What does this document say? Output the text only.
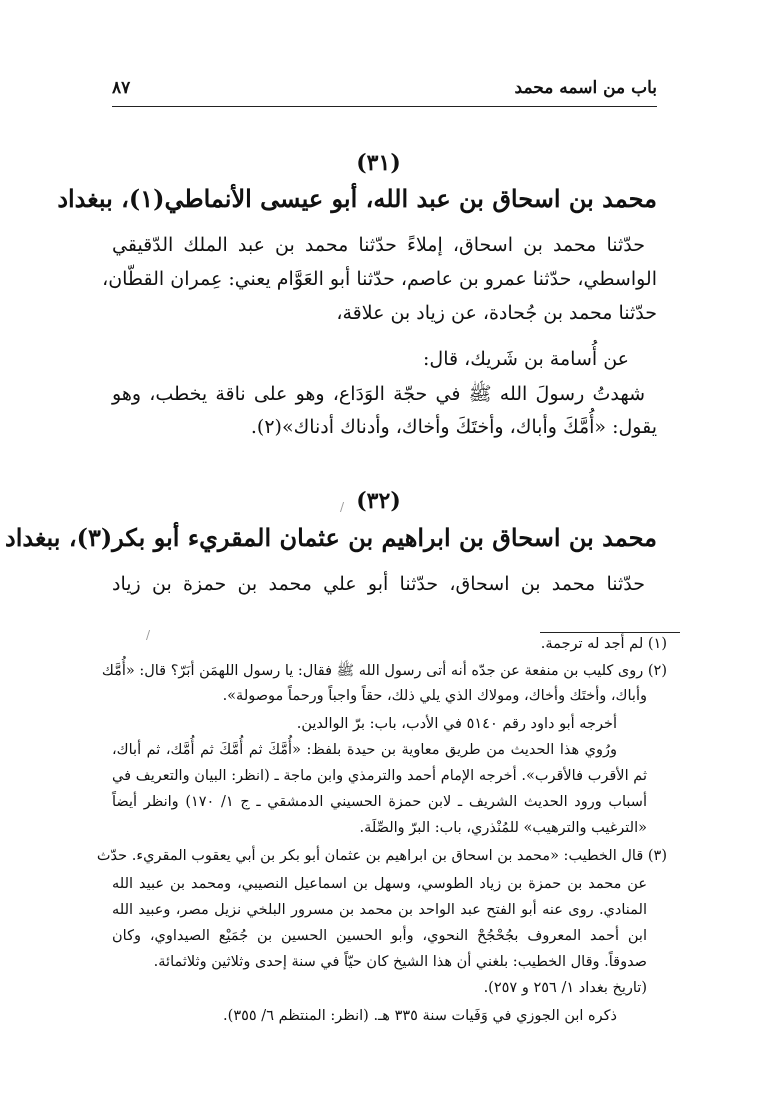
باب من اسمه محمد
٨٧
(٣١)
محمد بن اسحاق بن عبد الله، أبو عيسى الأنماطي(١)، ببغداد
حدّثنا محمد بن اسحاق، إملاءً حدّثنا محمد بن عبد الملك الدّقيقي
الواسطي، حدّثنا عمرو بن عاصم، حدّثنا أبو العَوَّام يعني: عِمران القطّان،
حدّثنا محمد بن جُحادة، عن زياد بن علاقة،
عن أُسامة بن شَريك، قال:
شهدتُ رسولَ الله ﷺ في حجّة الوَدَاع، وهو على ناقة يخطب، وهو
يقول: «أُمَّكَ وأباك، وأختَكَ وأخاك، وأدناك أدناك»(٢).
/ (٣٢)
محمد بن اسحاق بن ابراهيم بن عثمان المقريء أبو بكر(٣)، ببغداد
حدّثنا محمد بن اسحاق، حدّثنا أبو علي محمد بن حمزة بن زياد
/
(١) لم أجد له ترجمة.
(٢) روى كليب بن منفعة عن جدّه أنه أتى رسول الله ﷺ فقال: يا رسول اللهمَن أبَرّ؟ قال: «أُمَّك
وأباك، وأختَك وأخاك، ومولاك الذي يلي ذلك، حقاً واجباً ورحماً موصولة».
أخرجه أبو داود رقم ٥١٤٠ في الأدب، باب: برّ الوالدين.
ورُوي هذا الحديث من طريق معاوية بن حيدة بلفظ: «أُمَّكَ ثم أُمَّكَ ثم أُمَّك، ثم أباك،
ثم الأقرب فالأقرب». أخرجه الإمام أحمد والترمذي وابن ماجة ـ (انظر: البيان والتعريف في
أسباب ورود الحديث الشريف ـ لابن حمزة الحسيني الدمشقي ـ ج ١/ ١٧٠) وانظر أيضاً
«الترغيب والترهيب» للمُنْذري، باب: البرّ والصِّلَة.
(٣) قال الخطيب: «محمد بن اسحاق بن ابراهيم بن عثمان أبو بكر بن أبي يعقوب المقريء. حدّث
عن محمد بن حمزة بن زياد الطوسي، وسهل بن اسماعيل النصيبي، ومحمد بن عبيد الله
المنادي. روى عنه أبو الفتح عبد الواحد بن محمد بن مسرور البلخي نزيل مصر، وعبيد الله
ابن أحمد المعروف بجُحْجُحْ النحوي، وأبو الحسين الحسين بن جُمَيْع الصيداوي، وكان
صدوقاً. وقال الخطيب: بلغني أن هذا الشيخ كان حيّاً في سنة إحدى وثلاثين وثلاثمائة.
(تاريخ بغداد ١/ ٢٥٦ و ٢٥٧).
ذكره ابن الجوزي في وَفَيات سنة ٣٣٥ هـ. (انظر: المنتظم ٦/ ٣٥٥).
